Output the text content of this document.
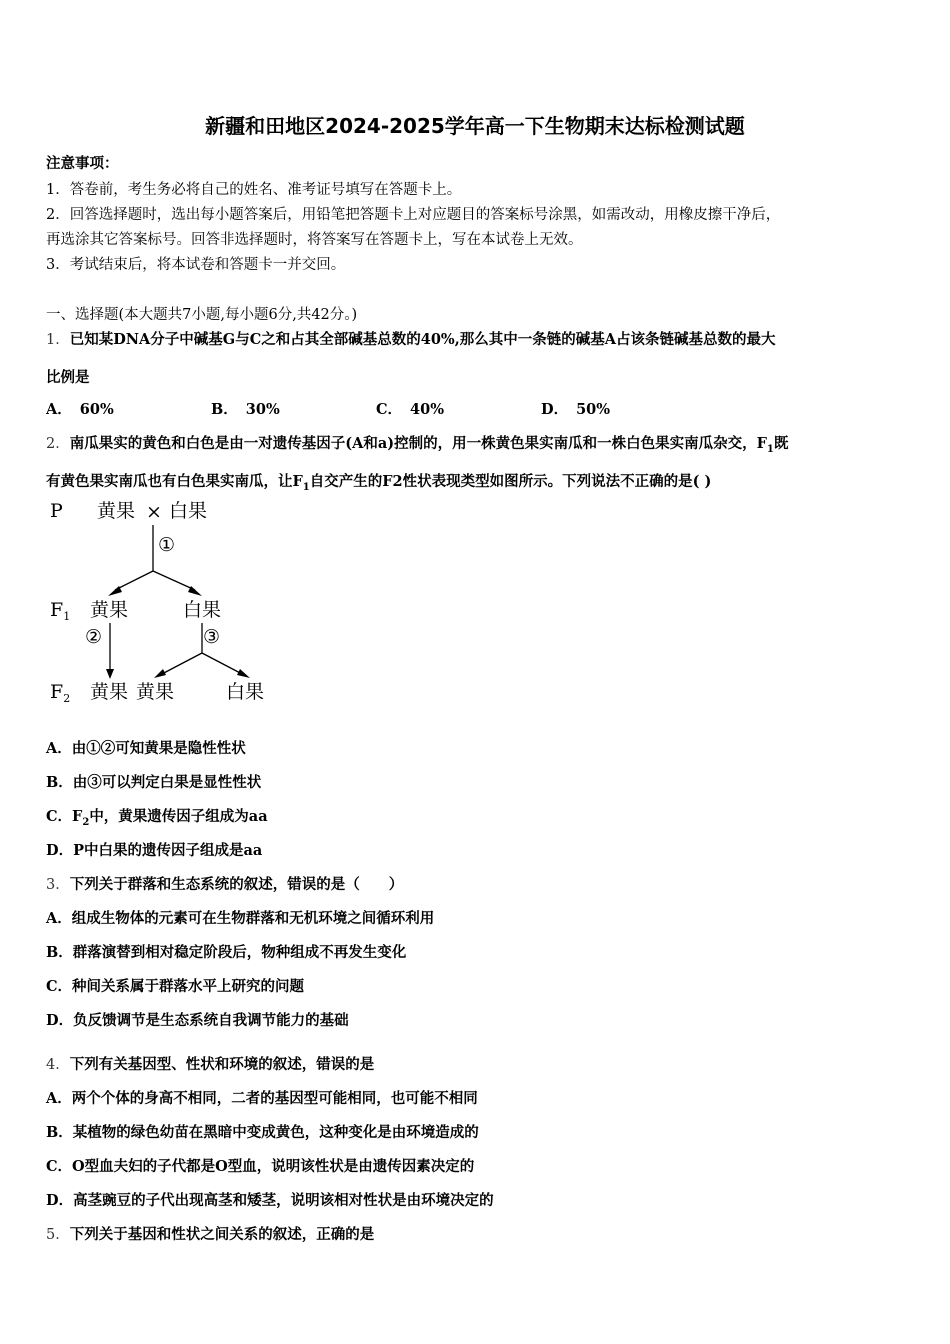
新疆和田地区2024-2025学年高一下生物期末达标检测试题
注意事项：
1．答卷前，考生务必将自己的姓名、准考证号填写在答题卡上。
2．回答选择题时，选出每小题答案后，用铅笔把答题卡上对应题目的答案标号涂黑，如需改动，用橡皮擦干净后，
再选涂其它答案标号。回答非选择题时，将答案写在答题卡上，写在本试卷上无效。
3．考试结束后，将本试卷和答题卡一并交回。
一、选择题(本大题共7小题,每小题6分,共42分。)
1．已知某DNA分子中碱基G与C之和占其全部碱基总数的40%,那么其中一条链的碱基A占该条链碱基总数的最大
比例是
A． 60%	B． 30%	C． 40%	D． 50%
2．南瓜果实的黄色和白色是由一对遗传基因子(A和a)控制的，用一株黄色果实南瓜和一株白色果实南瓜杂交，$F_1$既
有黄色果实南瓜也有白色果实南瓜，让$F_1$自交产生的F2性状表现类型如图所示。下列说法不正确的是( )
P 黄果 × 白果
①
$F_1$ 黄果	白果
②	③
$F_2$ 黄果 黄果	白果
A．由①②可知黄果是隐性性状
B．由③可以判定白果是显性性状
C．$F_2$中，黄果遗传因子组成为aa
D．P中白果的遗传因子组成是aa
3．下列关于群落和生态系统的叙述，错误的是（　　）
A．组成生物体的元素可在生物群落和无机环境之间循环利用
B．群落演替到相对稳定阶段后，物种组成不再发生变化
C．种间关系属于群落水平上研究的问题
D．负反馈调节是生态系统自我调节能力的基础
4．下列有关基因型、性状和环境的叙述，错误的是
A．两个个体的身高不相同，二者的基因型可能相同，也可能不相同
B．某植物的绿色幼苗在黑暗中变成黄色，这种变化是由环境造成的
C．O型血夫妇的子代都是O型血，说明该性状是由遗传因素决定的
D．高茎豌豆的子代出现高茎和矮茎，说明该相对性状是由环境决定的
5．下列关于基因和性状之间关系的叙述，正确的是
